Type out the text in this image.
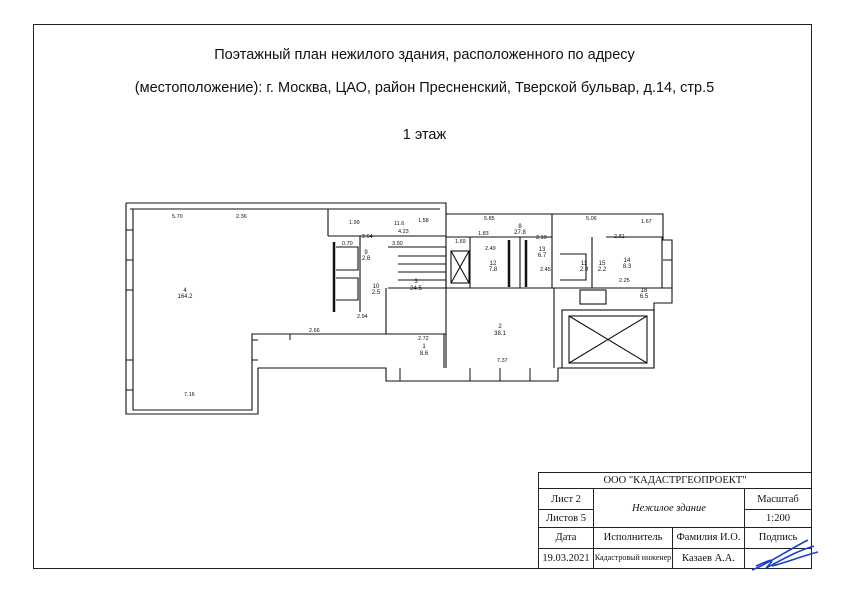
Поэтажный план нежилого здания, расположенного по адресу
(местоположение): г. Москва, ЦАО, район Пресненский, Тверской бульвар, д.14, стр.5
1 этаж
5.70	2.36
1.99	11.6 1.58
4.23
5.85	5.06	1.67
2.64
3.90
0.70	1.69
1.83
2.49
2.10	2.81
2.25
2.94
2.66
7.16
2.72
7.37
2.45
4
164.2
2
38.1
1
8.6
3
24.5
9
2.6
8
27.8
12
7.8
13
6.7
14
8.3
15
2.2
18
6.5
11
2.9
10
2.5
ООО "КАДАСТРГЕОПРОЕКТ"			
Лист 2	Нежилое здание		Масштаб
Листов 5			1:200
Дата	Исполнитель	Фамилия И.О.	Подпись
19.03.2021	Кадастровый инженер	Казаев А.А.	
